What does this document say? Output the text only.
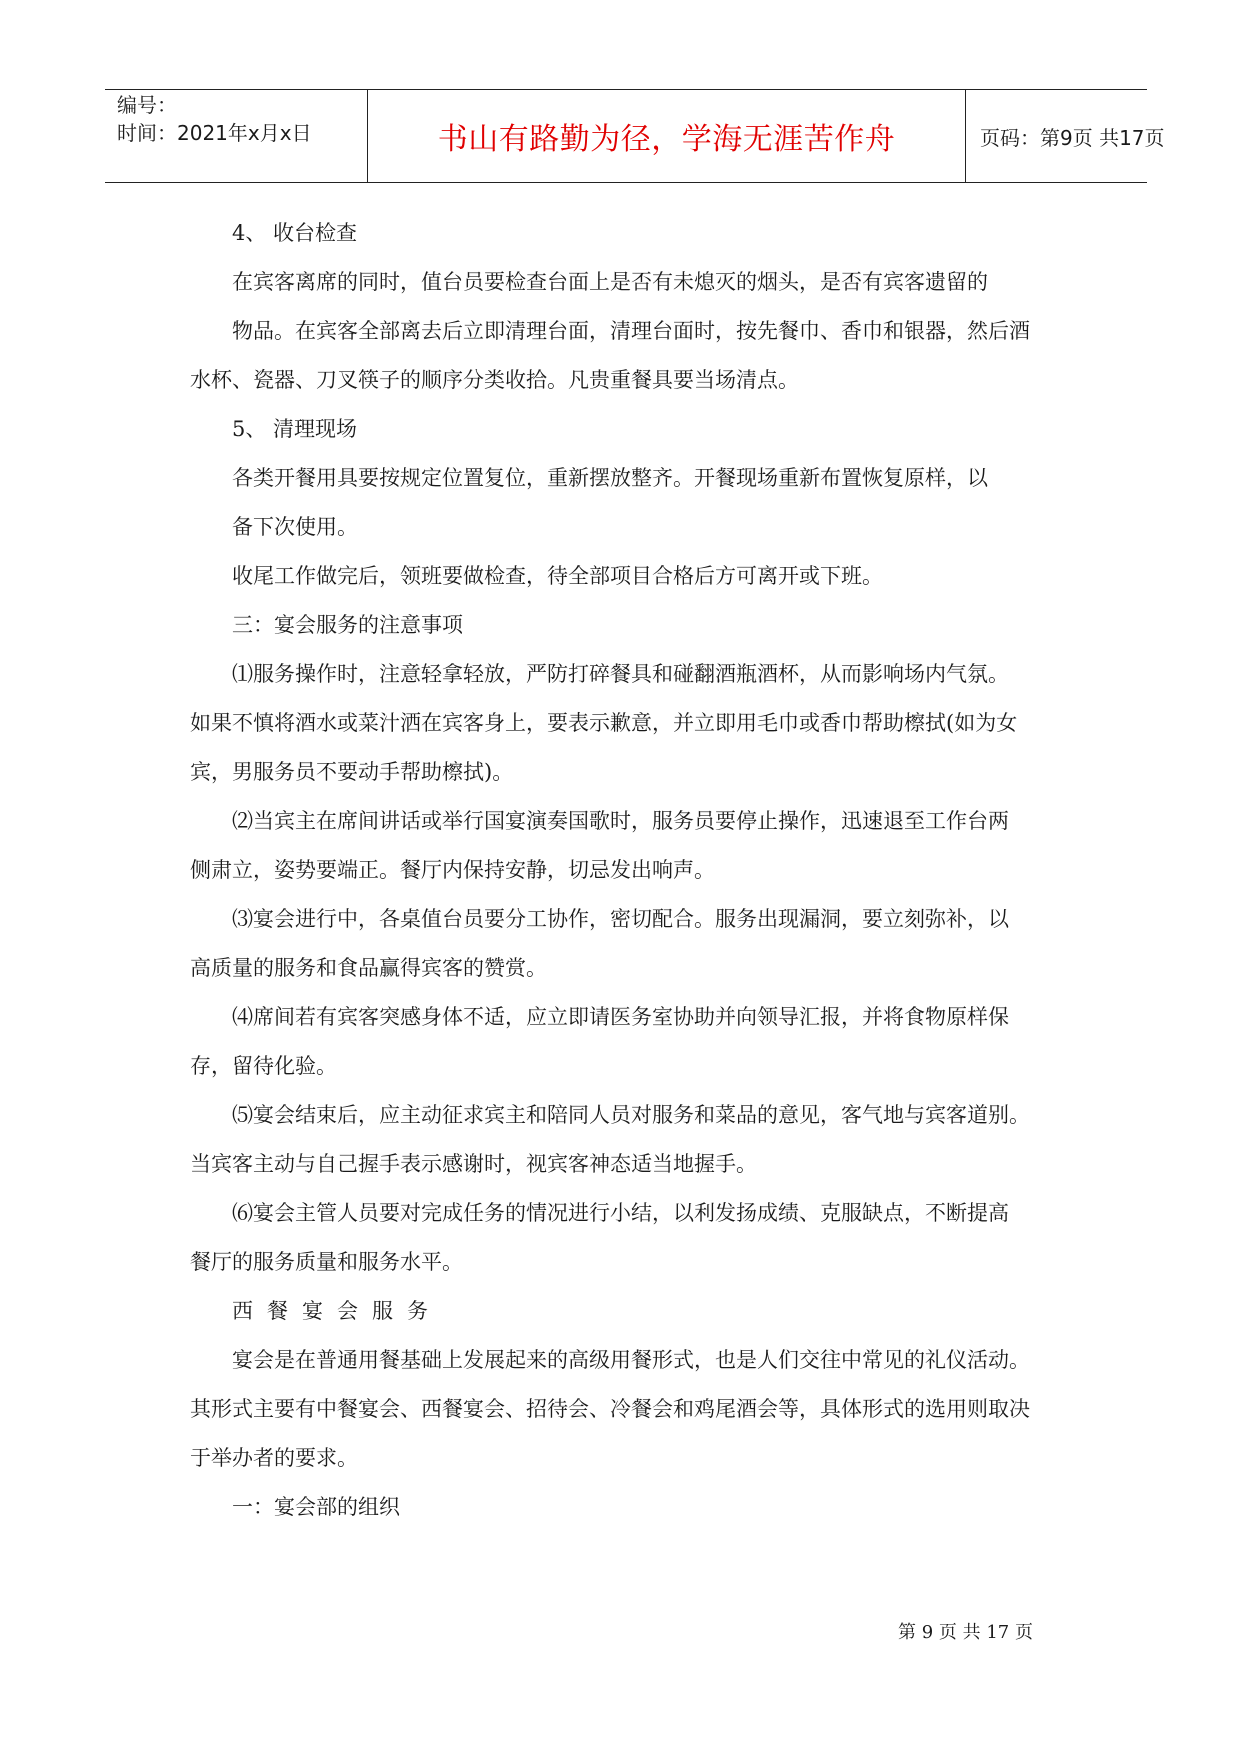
编号：
时间：2021年x月x日	书山有路勤为径，学海无涯苦作舟	页码：第9页 共17页
4、 收台检查
在宾客离席的同时，值台员要检查台面上是否有未熄灭的烟头，是否有宾客遗留的
物品。在宾客全部离去后立即清理台面，清理台面时，按先餐巾、香巾和银器，然后酒
水杯、瓷器、刀叉筷子的顺序分类收拾。凡贵重餐具要当场清点。
5、 清理现场
各类开餐用具要按规定位置复位，重新摆放整齐。开餐现场重新布置恢复原样，以
备下次使用。
收尾工作做完后，领班要做检查，待全部项目合格后方可离开或下班。
三：宴会服务的注意事项
⑴服务操作时，注意轻拿轻放，严防打碎餐具和碰翻酒瓶酒杯，从而影响场内气氛。
如果不慎将酒水或菜汁洒在宾客身上，要表示歉意，并立即用毛巾或香巾帮助檫拭(如为女
宾，男服务员不要动手帮助檫拭)。
⑵当宾主在席间讲话或举行国宴演奏国歌时，服务员要停止操作，迅速退至工作台两
侧肃立，姿势要端正。餐厅内保持安静，切忌发出响声。
⑶宴会进行中，各桌值台员要分工协作，密切配合。服务出现漏洞，要立刻弥补，以
高质量的服务和食品赢得宾客的赞赏。
⑷席间若有宾客突感身体不适，应立即请医务室协助并向领导汇报，并将食物原样保
存，留待化验。
⑸宴会结束后，应主动征求宾主和陪同人员对服务和菜品的意见，客气地与宾客道别。
当宾客主动与自己握手表示感谢时，视宾客神态适当地握手。
⑹宴会主管人员要对完成任务的情况进行小结，以利发扬成绩、克服缺点，不断提高
餐厅的服务质量和服务水平。
西餐宴会服务
宴会是在普通用餐基础上发展起来的高级用餐形式，也是人们交往中常见的礼仪活动。
其形式主要有中餐宴会、西餐宴会、招待会、冷餐会和鸡尾酒会等，具体形式的选用则取决
于举办者的要求。
一：宴会部的组织
第 9 页 共 17 页
